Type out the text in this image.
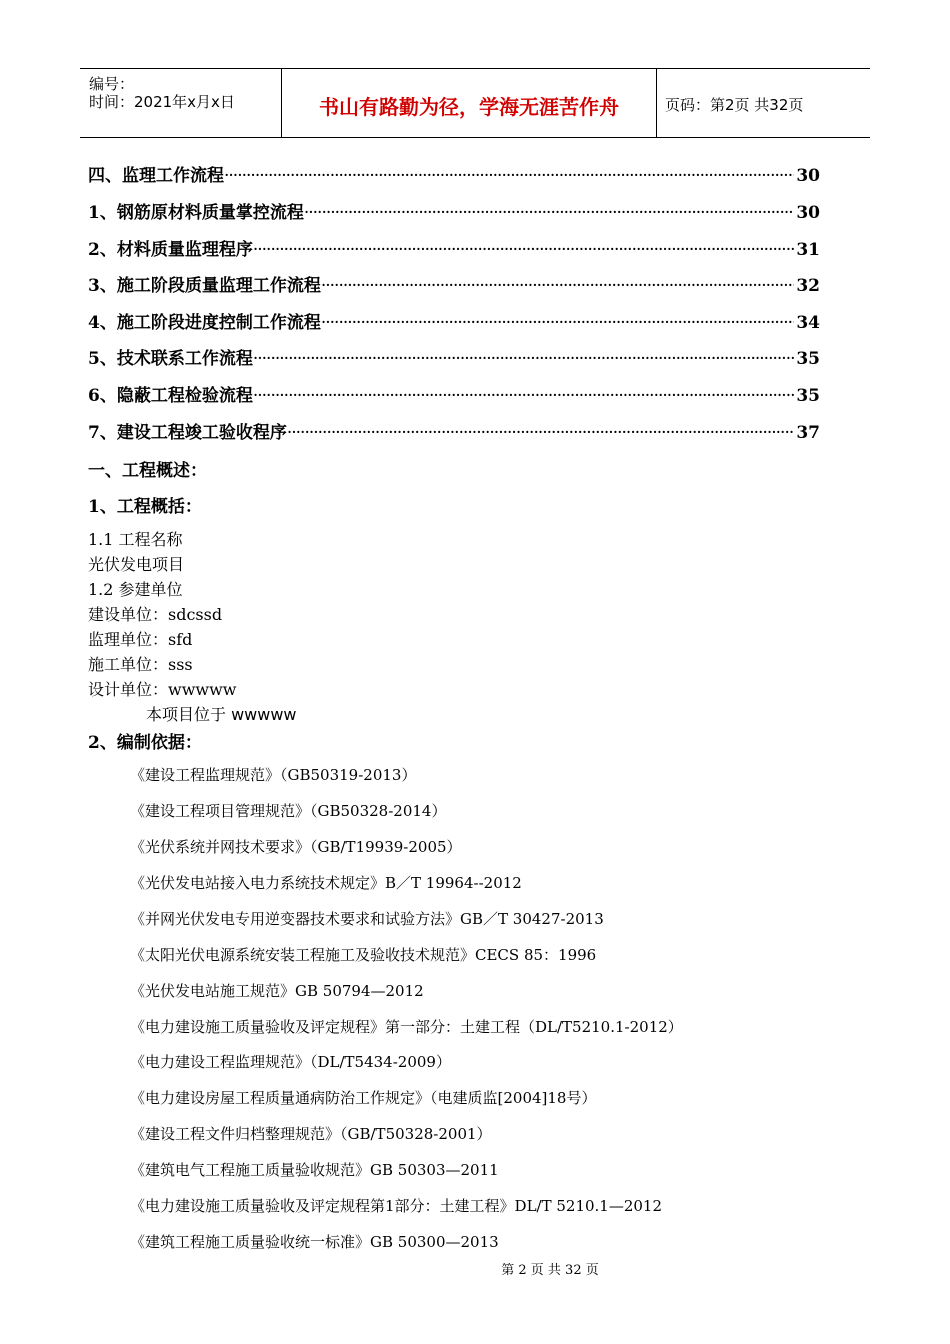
编号：
时间：2021年x月x日	书山有路勤为径，学海无涯苦作舟	页码：第2页 共32页
四、监理工作流程 ·····	30
1、钢筋原材料质量掌控流程 ·····	30
2、材料质量监理程序 ·····	31
3、施工阶段质量监理工作流程 ·····	32
4、施工阶段进度控制工作流程 ·····	34
5、技术联系工作流程 ·····	35
6、隐蔽工程检验流程 ·····	35
7、建设工程竣工验收程序 ·····	37
一、工程概述：
1、工程概括：
1.1 工程名称
光伏发电项目
1.2 参建单位
建设单位：sdcssd
监理单位：sfd
施工单位：sss
设计单位：wwwww
本项目位于 wwwww
2、编制依据：
《建设工程监理规范》（GB50319-2013）
《建设工程项目管理规范》（GB50328-2014）
《光伏系统并网技术要求》（GB/T19939-2005）
《光伏发电站接入电力系统技术规定》B／T 19964--2012
《并网光伏发电专用逆变器技术要求和试验方法》GB／T 30427-2013
《太阳光伏电源系统安装工程施工及验收技术规范》CECS 85：1996
《光伏发电站施工规范》GB 50794—2012
《电力建设施工质量验收及评定规程》第一部分：土建工程（DL/T5210.1-2012）
《电力建设工程监理规范》（DL/T5434-2009）
《电力建设房屋工程质量通病防治工作规定》（电建质监[2004]18号）
《建设工程文件归档整理规范》（GB/T50328-2001）
《建筑电气工程施工质量验收规范》GB 50303—2011
《电力建设施工质量验收及评定规程第1部分：土建工程》DL/T 5210.1—2012
《建筑工程施工质量验收统一标准》GB 50300—2013
第 2 页 共 32 页
